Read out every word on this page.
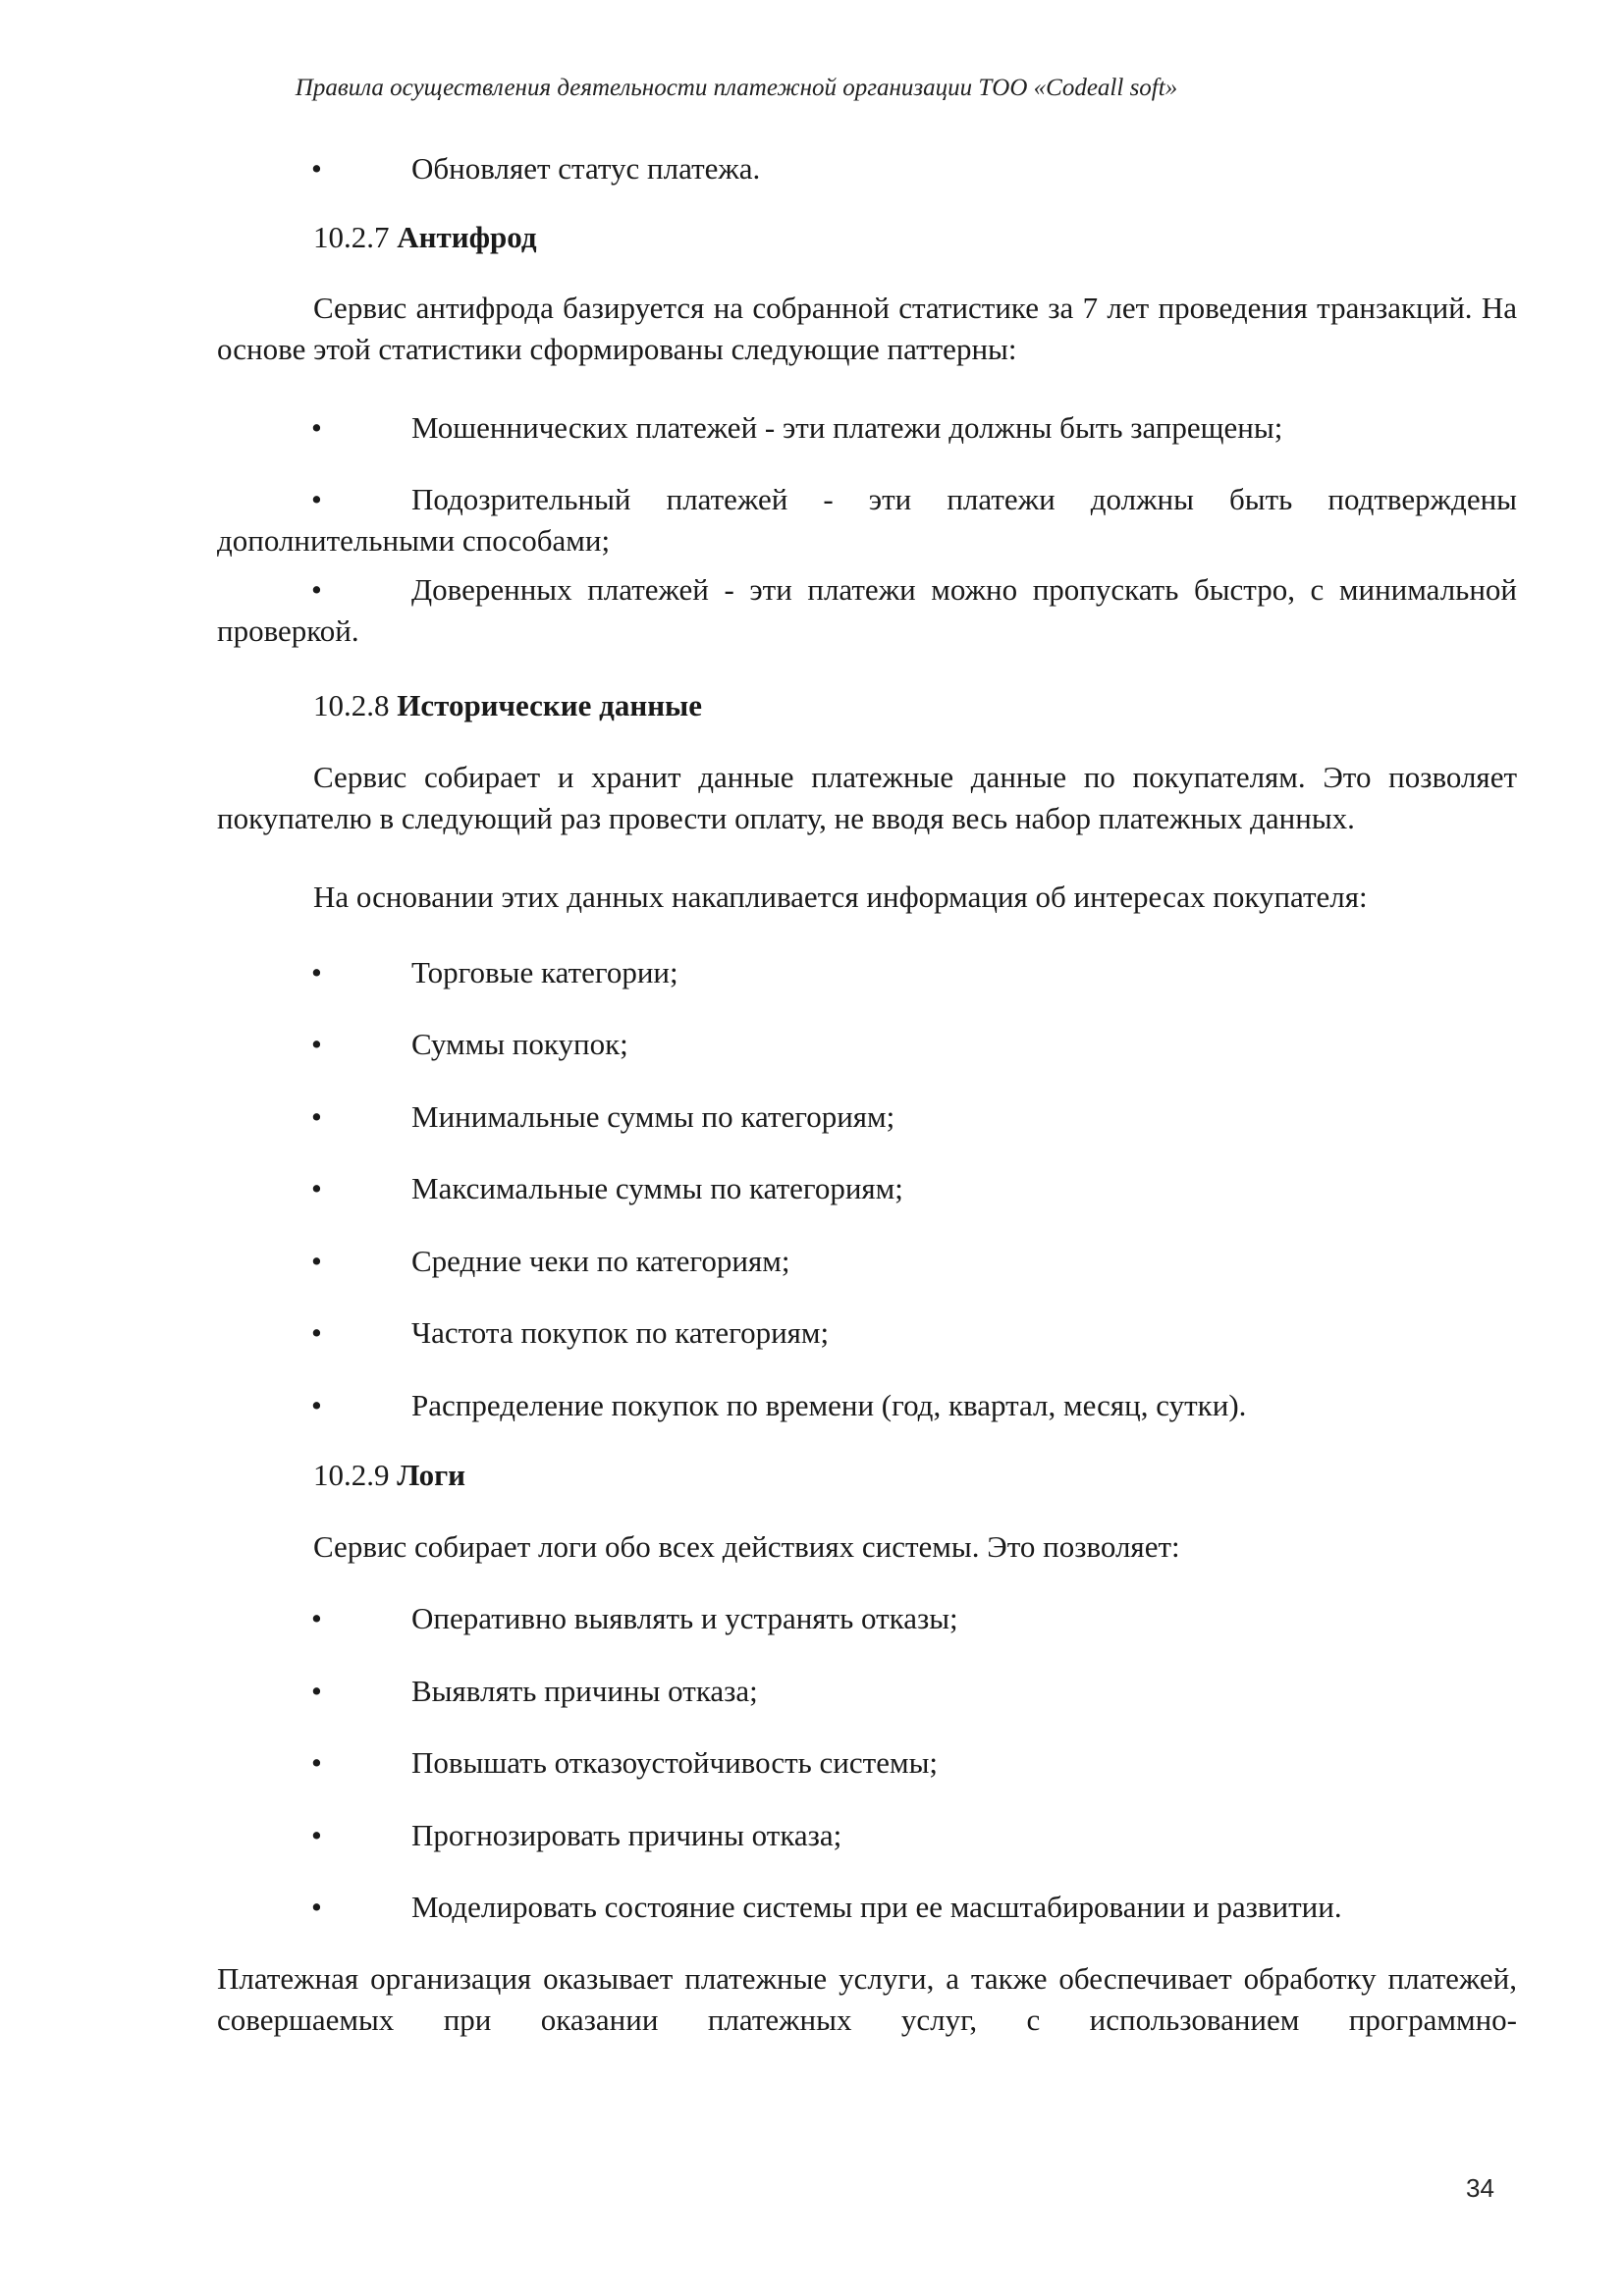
Правила осуществления деятельности платежной организации ТОО «Codeall soft»
•	Обновляет статус платежа.
10.2.7 Антифрод
Сервис антифрода базируется на собранной статистике за 7 лет проведения транзакций. На основе этой статистики сформированы следующие паттерны:
•	Мошеннических платежей - эти платежи должны быть запрещены;
•	Подозрительный платежей - эти платежи должны быть подтверждены дополнительными способами;
•	Доверенных платежей - эти платежи можно пропускать быстро, с минимальной проверкой.
10.2.8 Исторические данные
Сервис собирает и хранит данные платежные данные по покупателям. Это позволяет покупателю в следующий раз провести оплату, не вводя весь набор платежных данных.
На основании этих данных накапливается информация об интересах покупателя:
•	Торговые категории;
•	Суммы покупок;
•	Минимальные суммы по категориям;
•	Максимальные суммы по категориям;
•	Средние чеки по категориям;
•	Частота покупок по категориям;
•	Распределение покупок по времени (год, квартал, месяц, сутки).
10.2.9 Логи
Сервис собирает логи обо всех действиях системы. Это позволяет:
•	Оперативно выявлять и устранять отказы;
•	Выявлять причины отказа;
•	Повышать отказоустойчивость системы;
•	Прогнозировать причины отказа;
•	Моделировать состояние системы при ее масштабировании и развитии.
Платежная организация оказывает платежные услуги, а также обеспечивает обработку платежей, совершаемых при оказании платежных услуг, с использованием программно-
34
